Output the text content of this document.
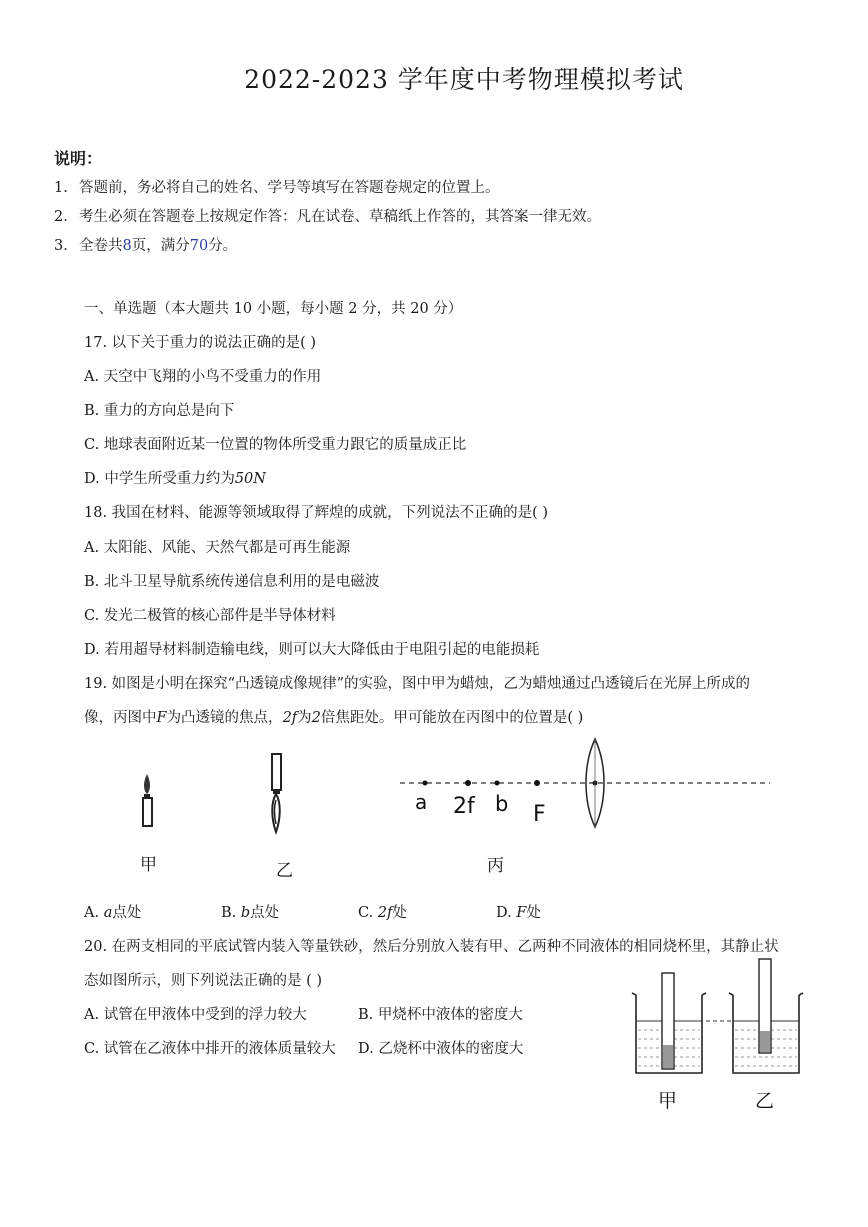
2022-2023 学年度中考物理模拟考试
说明：
1. 答题前，务必将自己的姓名、学号等填写在答题卷规定的位置上。
2. 考生必须在答题卷上按规定作答：凡在试卷、草稿纸上作答的，其答案一律无效。
3. 全卷共8页，满分70分。
一、单选题（本大题共 10 小题，每小题 2 分，共 20 分）
17. 以下关于重力的说法正确的是( )
A. 天空中飞翔的小鸟不受重力的作用
B. 重力的方向总是向下
C. 地球表面附近某一位置的物体所受重力跟它的质量成正比
D. 中学生所受重力约为50N
18. 我国在材料、能源等领域取得了辉煌的成就，下列说法不正确的是( )
A. 太阳能、风能、天然气都是可再生能源
B. 北斗卫星导航系统传递信息利用的是电磁波
C. 发光二极管的核心部件是半导体材料
D. 若用超导材料制造输电线，则可以大大降低由于电阻引起的电能损耗
19. 如图是小明在探究“凸透镜成像规律”的实验，图中甲为蜡烛，乙为蜡烛通过凸透镜后在光屏上所成的
像，丙图中F为凸透镜的焦点，2f为2倍焦距处。甲可能放在丙图中的位置是( )
甲	乙
a 2f b F
丙
A. a点处	B. b点处	C. 2f处	D. F处
20. 在两支相同的平底试管内装入等量铁砂，然后分别放入装有甲、乙两种不同液体的相同烧杯里，其静止状
态如图所示，则下列说法正确的是 ( )
A. 试管在甲液体中受到的浮力较大	B. 甲烧杯中液体的密度大
C. 试管在乙液体中排开的液体质量较大 D. 乙烧杯中液体的密度大
甲	乙
